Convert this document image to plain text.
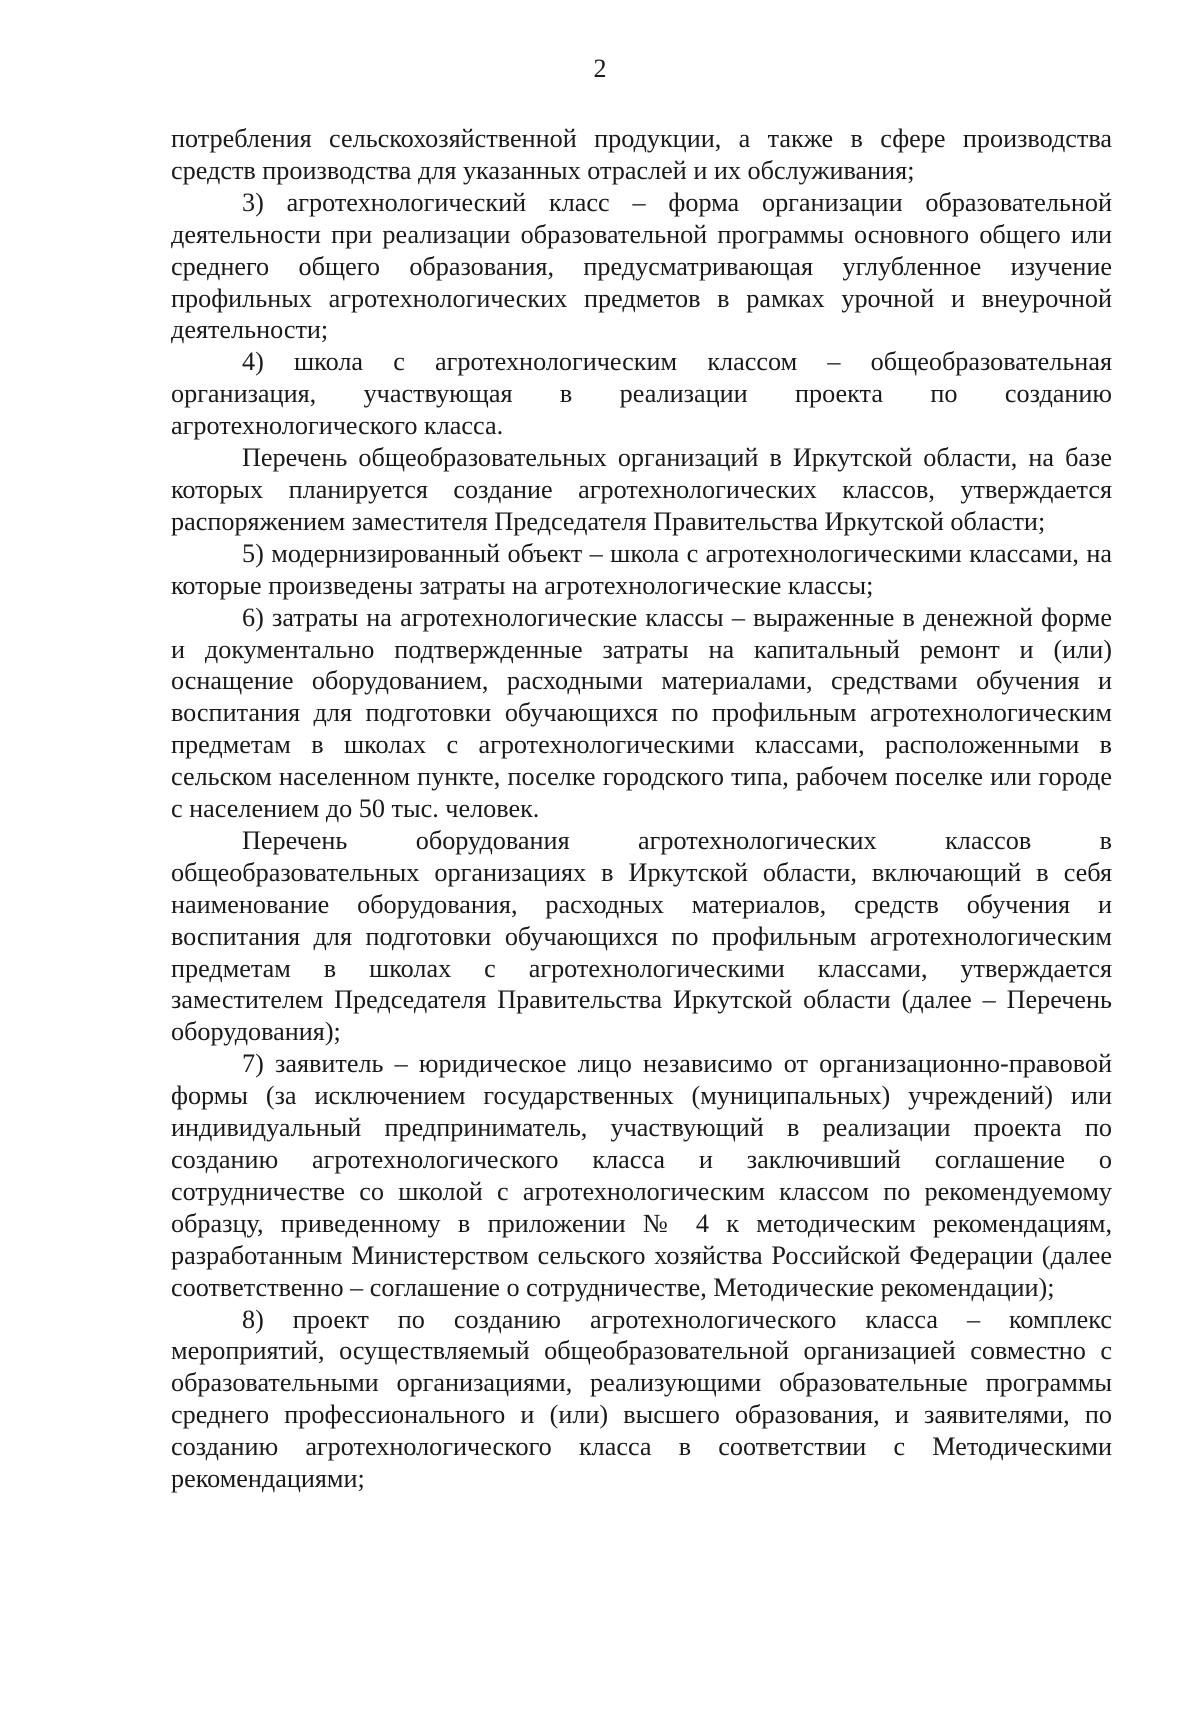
2

потребления сельскохозяйственной продукции, а также в сфере производства средств производства для указанных отраслей и их обслуживания;

3) агротехнологический класс – форма организации образовательной деятельности при реализации образовательной программы основного общего или среднего общего образования, предусматривающая углубленное изучение профильных агротехнологических предметов в рамках урочной и внеурочной деятельности;

4) школа с агротехнологическим классом – общеобразовательная организация, участвующая в реализации проекта по созданию агротехнологического класса.

Перечень общеобразовательных организаций в Иркутской области, на базе которых планируется создание агротехнологических классов, утверждается распоряжением заместителя Председателя Правительства Иркутской области;

5) модернизированный объект – школа с агротехнологическими классами, на которые произведены затраты на агротехнологические классы;

6) затраты на агротехнологические классы – выраженные в денежной форме и документально подтвержденные затраты на капитальный ремонт и (или) оснащение оборудованием, расходными материалами, средствами обучения и воспитания для подготовки обучающихся по профильным агротехнологическим предметам в школах с агротехнологическими классами, расположенными в сельском населенном пункте, поселке городского типа, рабочем поселке или городе с населением до 50 тыс. человек.

Перечень оборудования агротехнологических классов в общеобразовательных организациях в Иркутской области, включающий в себя наименование оборудования, расходных материалов, средств обучения и воспитания для подготовки обучающихся по профильным агротехнологическим предметам в школах с агротехнологическими классами, утверждается заместителем Председателя Правительства Иркутской области (далее – Перечень оборудования);

7) заявитель – юридическое лицо независимо от организационно-правовой формы (за исключением государственных (муниципальных) учреждений) или индивидуальный предприниматель, участвующий в реализации проекта по созданию агротехнологического класса и заключивший соглашение о сотрудничестве со школой с агротехнологическим классом по рекомендуемому образцу, приведенному в приложении № 4 к методическим рекомендациям, разработанным Министерством сельского хозяйства Российской Федерации (далее соответственно – соглашение о сотрудничестве, Методические рекомендации);

8) проект по созданию агротехнологического класса – комплекс мероприятий, осуществляемый общеобразовательной организацией совместно с образовательными организациями, реализующими образовательные программы среднего профессионального и (или) высшего образования, и заявителями, по созданию агротехнологического класса в соответствии с Методическими рекомендациями;
